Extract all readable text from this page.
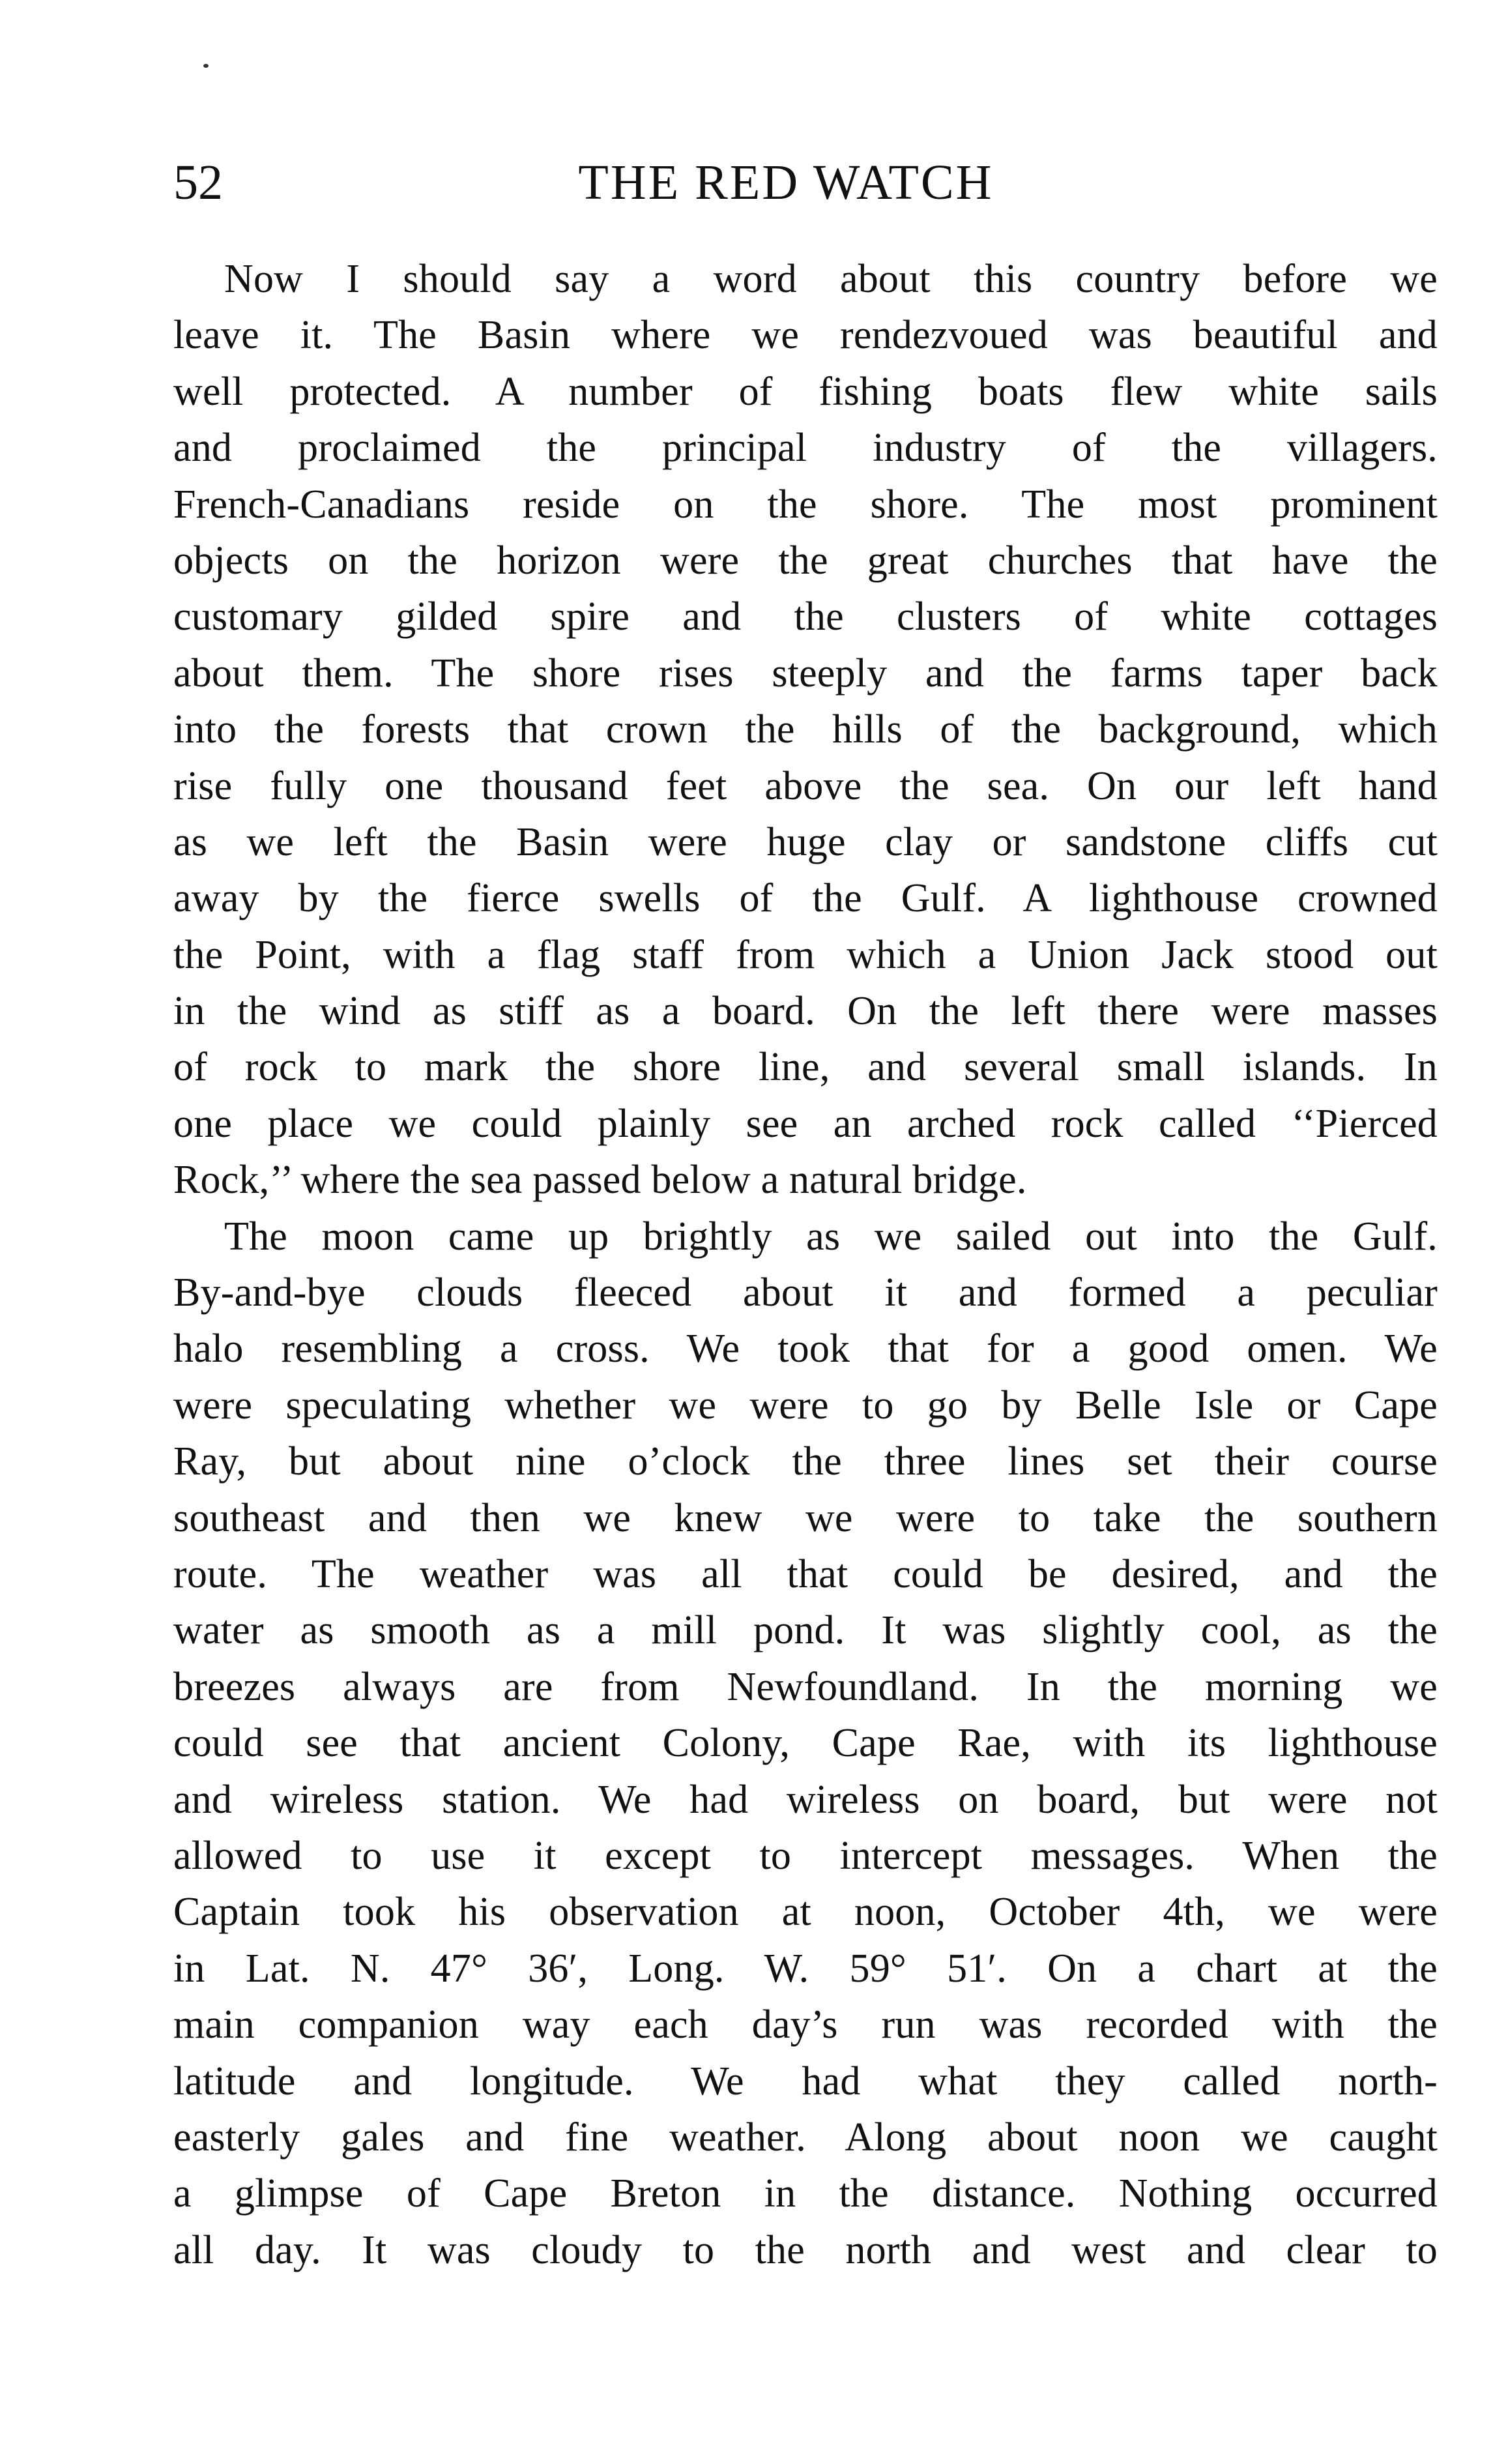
52	THE RED WATCH
Now I should say a word about this country before we
leave it. The Basin where we rendezvoued was beautiful and
well protected. A number of fishing boats flew white sails
and proclaimed the principal industry of the villagers.
French-Canadians reside on the shore. The most prominent
objects on the horizon were the great churches that have the
customary gilded spire and the clusters of white cottages
about them. The shore rises steeply and the farms taper back
into the forests that crown the hills of the background, which
rise fully one thousand feet above the sea. On our left hand
as we left the Basin were huge clay or sandstone cliffs cut
away by the fierce swells of the Gulf. A lighthouse crowned
the Point, with a flag staff from which a Union Jack stood out
in the wind as stiff as a board. On the left there were masses
of rock to mark the shore line, and several small islands. In
one place we could plainly see an arched rock called ‘‘Pierced
Rock,’’ where the sea passed below a natural bridge.
The moon came up brightly as we sailed out into the Gulf.
By-and-bye clouds fleeced about it and formed a peculiar
halo resembling a cross. We took that for a good omen. We
were speculating whether we were to go by Belle Isle or Cape
Ray, but about nine o’clock the three lines set their course
southeast and then we knew we were to take the southern
route. The weather was all that could be desired, and the
water as smooth as a mill pond. It was slightly cool, as the
breezes always are from Newfoundland. In the morning we
could see that ancient Colony, Cape Rae, with its lighthouse
and wireless station. We had wireless on board, but were not
allowed to use it except to intercept messages. When the
Captain took his observation at noon, October 4th, we were
in Lat. N. 47° 36′, Long. W. 59° 51′. On a chart at the
main companion way each day’s run was recorded with the
latitude and longitude. We had what they called north-
easterly gales and fine weather. Along about noon we caught
a glimpse of Cape Breton in the distance. Nothing occurred
all day. It was cloudy to the north and west and clear to
